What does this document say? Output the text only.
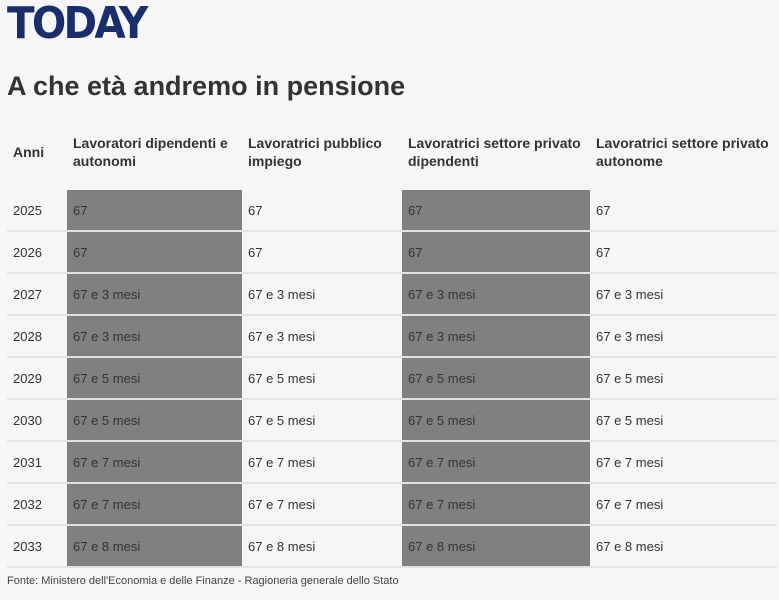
TODAY
A che età andremo in pensione
Anni	Lavoratori dipendenti e autonomi	Lavoratrici pubblico impiego	Lavoratrici settore privato dipendenti	Lavoratrici settore privato autonome
2025	67	67	67	67
2026	67	67	67	67
2027	67 e 3 mesi	67 e 3 mesi	67 e 3 mesi	67 e 3 mesi
2028	67 e 3 mesi	67 e 3 mesi	67 e 3 mesi	67 e 3 mesi
2029	67 e 5 mesi	67 e 5 mesi	67 e 5 mesi	67 e 5 mesi
2030	67 e 5 mesi	67 e 5 mesi	67 e 5 mesi	67 e 5 mesi
2031	67 e 7 mesi	67 e 7 mesi	67 e 7 mesi	67 e 7 mesi
2032	67 e 7 mesi	67 e 7 mesi	67 e 7 mesi	67 e 7 mesi
2033	67 e 8 mesi	67 e 8 mesi	67 e 8 mesi	67 e 8 mesi
Fonte: Ministero dell'Economia e delle Finanze - Ragioneria generale dello Stato
